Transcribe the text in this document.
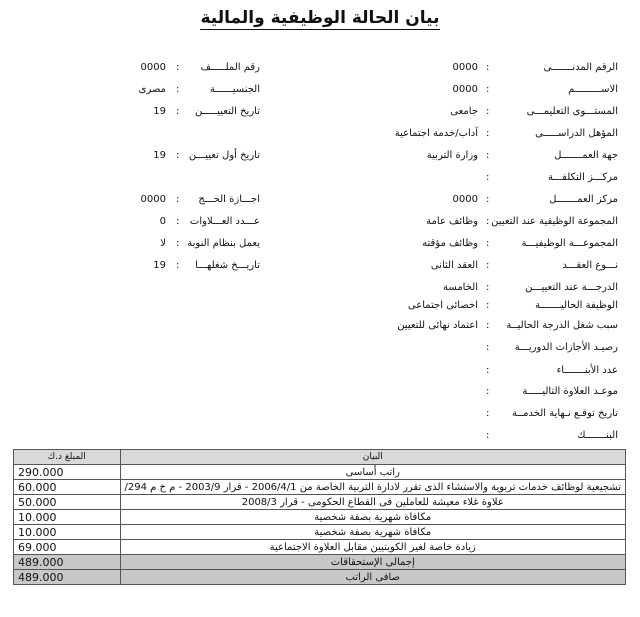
بيان الحالة الوظيفية والمالية
رقم الملـــــف
:
0000
الجنسيــــــة
:
مصرى
تاريخ التعييـــــن
:
19
تاريخ أول تعييـــن
:
19
اجـــازة الحـــج
:
0000
عـــدد العـــلاوات
:
0
يعمل بنظام النوبة
:
لا
تاريـــخ شغلهـــا
:
19
الرقم المدنـــــــى
:
0000
الاســـــــــم
:
0000
المستـــوى التعليمـــى
:
جامعى
المؤهل الدراســـــى
:
آداب/خدمة اجتماعية
جهة العمـــــــل
:
وزارة التربية
مركـــز التكلفـــة
:
مركز العمـــــــل
:
0000
المجموعة الوظيفية عند التعيين
:
وظائف عامة
المجموعـــة الوظيفيـــة
:
وظائف مؤقته
نـــوع العقـــد
:
العقد الثانى
الدرجـــة عند التعييـــن
:
الخامسة
الوظيفة الحاليـــــــة
:
اخصائى اجتماعى
سبب شغل الدرجة الحاليــة
:
اعتماد نهائى للتعيين
رصيـد الأجازات الدوريـــة
:
عدد الأبنـــــــاء
:
موعـد العلاوة التاليـــــة
:
تاريخ توقـع نـهاية الخدمــة
:
البنـــــــك
:
المبلغ د.ك	البيان
290.000	راتب أساسى
60.000	تشجيعية لوظائف خدمات تربوية والاستشاء الذى تقرر لادارة التربية الخاصة من 2006/4/1 - قرار 2003/9 - م خ م 294/
50.000	علاوة غلاء معيشة للعاملين فى القطاع الحكومى - قرار 2008/3
10.000	مكافاة شهرية بصفة شخصية
10.000	مكافاة شهرية بصفة شخصية
69.000	زيادة خاصة لغير الكويتيين مقابل العلاوة الاجتماعية
489.000	إجمالى الإستحقاقات
489.000	صافى الراتب
